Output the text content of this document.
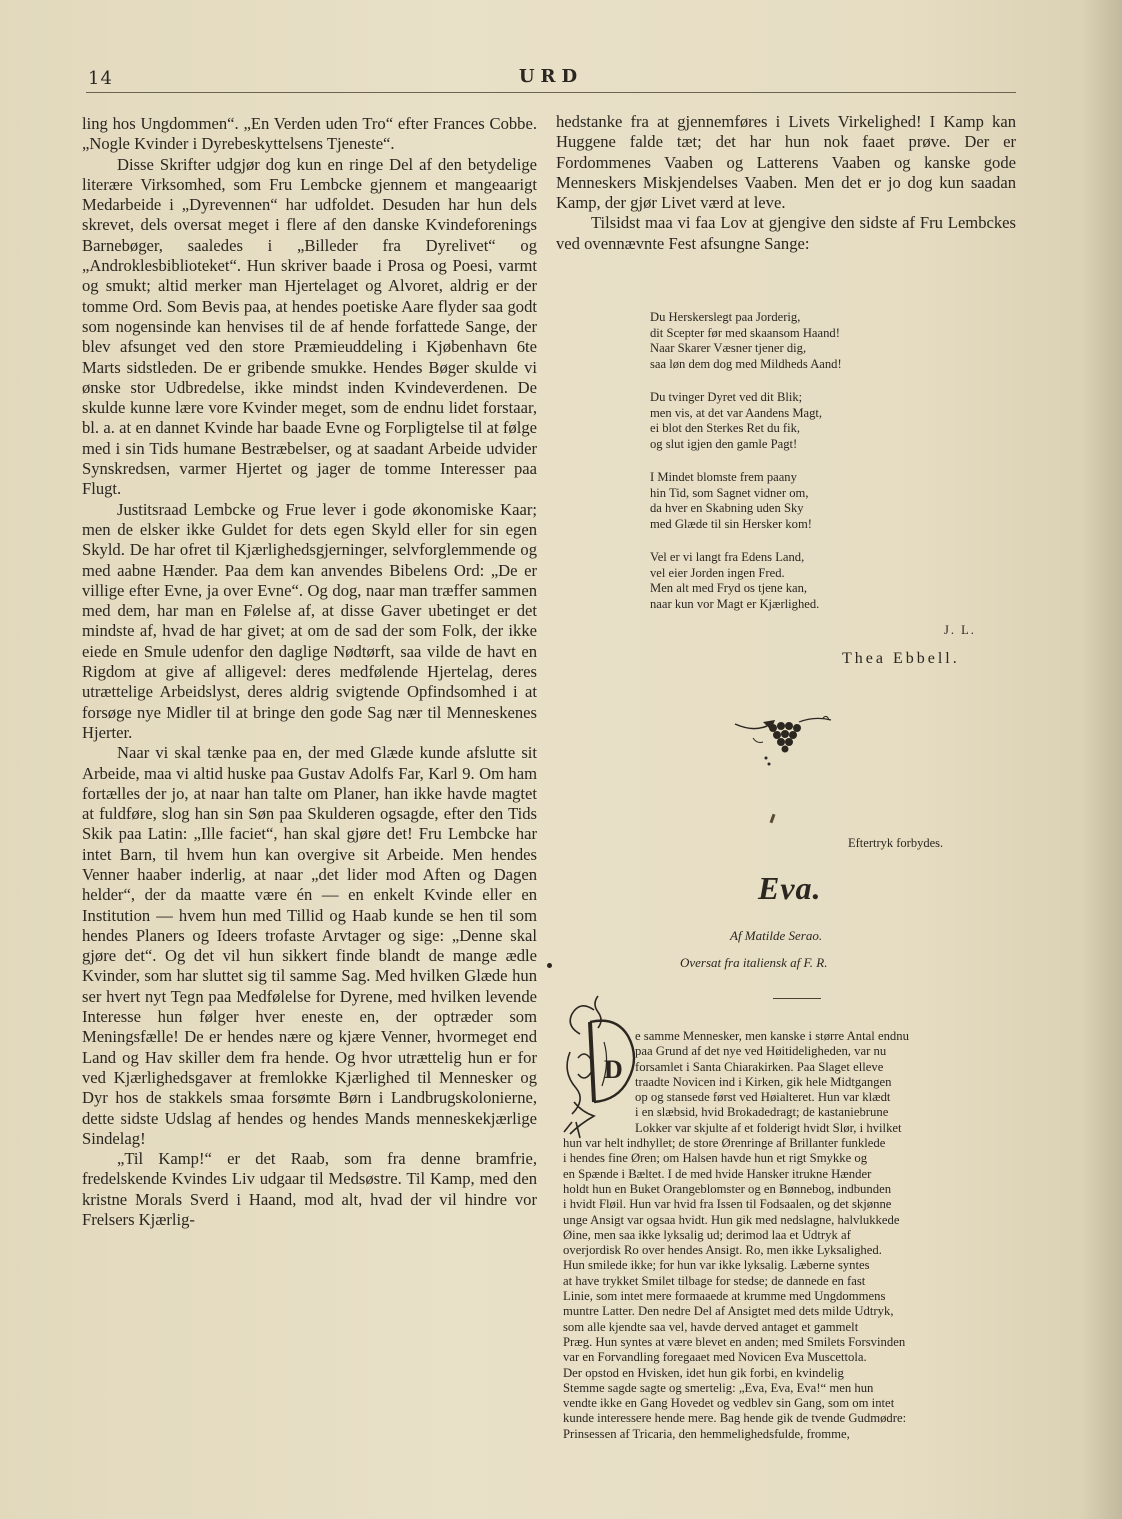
14	URD

ling hos Ungdommen“. „En Verden uden Tro“ efter Frances Cobbe. „Nogle Kvinder i Dyrebeskyttelsens Tjeneste“.

Disse Skrifter udgjør dog kun en ringe Del af den betydelige literære Virksomhed, som Fru Lembcke gjennem et mangeaarigt Medarbeide i „Dyrevennen“ har udfoldet. Desuden har hun dels skrevet, dels oversat meget i flere af den danske Kvindeforenings Barnebøger, saaledes i „Billeder fra Dyrelivet“ og „Androklesbiblioteket“. Hun skriver baade i Prosa og Poesi, varmt og smukt; altid merker man Hjertelaget og Alvoret, aldrig er der tomme Ord. Som Bevis paa, at hendes poetiske Aare flyder saa godt som nogensinde kan henvises til de af hende forfattede Sange, der blev afsunget ved den store Præmieuddeling i Kjøbenhavn 6te Marts sidstleden. De er gribende smukke. Hendes Bøger skulde vi ønske stor Udbredelse, ikke mindst inden Kvindeverdenen. De skulde kunne lære vore Kvinder meget, som de endnu lidet forstaar, bl. a. at en dannet Kvinde har baade Evne og Forpligtelse til at følge med i sin Tids humane Bestræbelser, og at saadant Arbeide udvider Synskredsen, varmer Hjertet og jager de tomme Interesser paa Flugt.

Justitsraad Lembcke og Frue lever i gode økonomiske Kaar; men de elsker ikke Guldet for dets egen Skyld eller for sin egen Skyld. De har ofret til Kjærlighedsgjerninger, selvforglemmende og med aabne Hænder. Paa dem kan anvendes Bibelens Ord: „De er villige efter Evne, ja over Evne“. Og dog, naar man træffer sammen med dem, har man en Følelse af, at disse Gaver ubetinget er det mindste af, hvad de har givet; at om de sad der som Folk, der ikke eiede en Smule udenfor den daglige Nødtørft, saa vilde de havt en Rigdom at give af alligevel: deres medfølende Hjertelag, deres utrættelige Arbeidslyst, deres aldrig svigtende Opfindsomhed i at forsøge nye Midler til at bringe den gode Sag nær til Menneskenes Hjerter.

Naar vi skal tænke paa en, der med Glæde kunde afslutte sit Arbeide, maa vi altid huske paa Gustav Adolfs Far, Karl 9. Om ham fortælles der jo, at naar han talte om Planer, han ikke havde magtet at fuldføre, slog han sin Søn paa Skulderen ogsagde, efter den Tids Skik paa Latin: „Ille faciet“, han skal gjøre det! Fru Lembcke har intet Barn, til hvem hun kan overgive sit Arbeide. Men hendes Venner haaber inderlig, at naar „det lider mod Aften og Dagen helder“, der da maatte være én — en enkelt Kvinde eller en Institution — hvem hun med Tillid og Haab kunde se hen til som hendes Planers og Ideers trofaste Arvtager og sige: „Denne skal gjøre det“. Og det vil hun sikkert finde blandt de mange ædle Kvinder, som har sluttet sig til samme Sag. Med hvilken Glæde hun ser hvert nyt Tegn paa Medfølelse for Dyrene, med hvilken levende Interesse hun følger hver eneste en, der optræder som Meningsfælle! De er hendes nære og kjære Venner, hvormeget end Land og Hav skiller dem fra hende. Og hvor utrættelig hun er for ved Kjærlighedsgaver at fremlokke Kjærlighed til Mennesker og Dyr hos de stakkels smaa forsømte Børn i Landbrugskolonierne, dette sidste Udslag af hendes og hendes Mands menneskekjærlige Sindelag!

„Til Kamp!“ er det Raab, som fra denne bramfrie, fredelskende Kvindes Liv udgaar til Medsøstre. Til Kamp, med den kristne Morals Sverd i Haand, mod alt, hvad der vil hindre vor Frelsers Kjærlig-

hedstanke fra at gjennemføres i Livets Virkelighed! I Kamp kan Huggene falde tæt; det har hun nok faaet prøve. Der er Fordommenes Vaaben og Latterens Vaaben og kanske gode Menneskers Miskjendelses Vaaben. Men det er jo dog kun saadan Kamp, der gjør Livet værd at leve.

Tilsidst maa vi faa Lov at gjengive den sidste af Fru Lembckes ved ovennævnte Fest afsungne Sange:

Du Herskerslegt paa Jorderig,
dit Scepter før med skaansom Haand!
Naar Skarer Væsner tjener dig,
saa løn dem dog med Mildheds Aand!
Du tvinger Dyret ved dit Blik;
men vis, at det var Aandens Magt,
ei blot den Sterkes Ret du fik,
og slut igjen den gamle Pagt!
I Mindet blomste frem paany
hin Tid, som Sagnet vidner om,
da hver en Skabning uden Sky
med Glæde til sin Hersker kom!
Vel er vi langt fra Edens Land,
vel eier Jorden ingen Fred.
Men alt med Fryd os tjene kan,
naar kun vor Magt er Kjærlighed.
J. L.
Thea Ebbell.
Eftertryk forbydes.
Eva.
Af Matilde Serao.
Oversat fra italiensk af F. R.
D
e samme Mennesker, men kanske i større Antal endnu
paa Grund af det nye ved Høitideligheden, var nu
forsamlet i Santa Chiarakirken. Paa Slaget elleve
traadte Novicen ind i Kirken, gik hele Midtgangen
op og stansede først ved Høialteret. Hun var klædt
i en slæbsid, hvid Brokadedragt; de kastaniebrune
Lokker var skjulte af et folderigt hvidt Slør, i hvilket
hun var helt indhyllet; de store Ørenringe af Brillanter funklede
i hendes fine Øren; om Halsen havde hun et rigt Smykke og
en Spænde i Bæltet. I de med hvide Hansker itrukne Hænder
holdt hun en Buket Orangeblomster og en Bønnebog, indbunden
i hvidt Fløil. Hun var hvid fra Issen til Fodsaalen, og det skjønne
unge Ansigt var ogsaa hvidt. Hun gik med nedslagne, halvlukkede
Øine, men saa ikke lyksalig ud; derimod laa et Udtryk af
overjordisk Ro over hendes Ansigt. Ro, men ikke Lyksalighed.
Hun smilede ikke; for hun var ikke lyksalig. Læberne syntes
at have trykket Smilet tilbage for stedse; de dannede en fast
Linie, som intet mere formaaede at krumme med Ungdommens
muntre Latter. Den nedre Del af Ansigtet med dets milde Udtryk,
som alle kjendte saa vel, havde derved antaget et gammelt
Præg. Hun syntes at være blevet en anden; med Smilets Forsvinden
var en Forvandling foregaaet med Novicen Eva Muscettola.
Der opstod en Hvisken, idet hun gik forbi, en kvindelig
Stemme sagde sagte og smertelig: „Eva, Eva, Eva!“ men hun
vendte ikke en Gang Hovedet og vedblev sin Gang, som om intet
kunde interessere hende mere. Bag hende gik de tvende Gudmødre:
Prinsessen af Tricaria, den hemmelighedsfulde, fromme,
